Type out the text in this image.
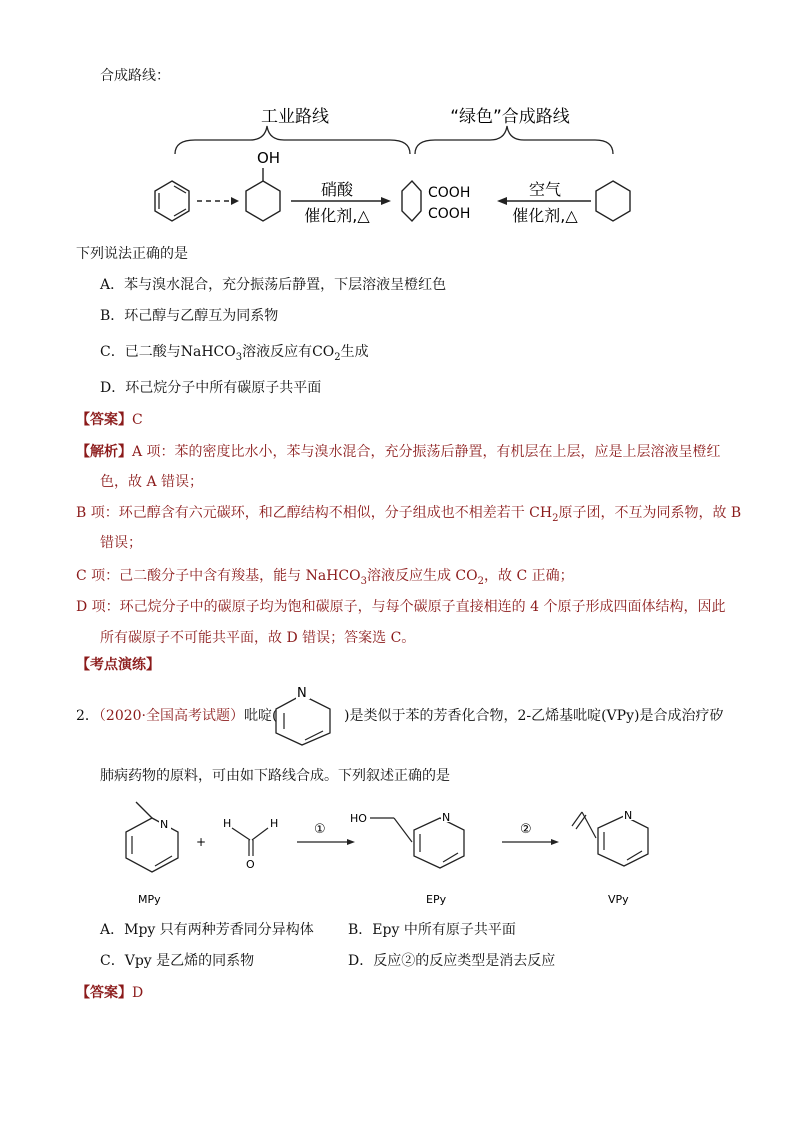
合成路线：
工业路线	“绿色”合成路线
OH
硝酸
催化剂,△
COOH
COOH
空气
催化剂,△
下列说法正确的是
A．苯与溴水混合，充分振荡后静置，下层溶液呈橙红色
B．环己醇与乙醇互为同系物
C．已二酸与NaHCO$_3$溶液反应有$CO_2$生成
D．环己烷分子中所有碳原子共平面
【答案】C
【解析】A 项：苯的密度比水小，苯与溴水混合，充分振荡后静置，有机层在上层，应是上层溶液呈橙红
色，故 A 错误；
B 项：环己醇含有六元碳环，和乙醇结构不相似，分子组成也不相差若干 $CH_2$原子团，不互为同系物，故 B
错误；
C 项：己二酸分子中含有羧基，能与 NaHCO$_3$溶液反应生成 $CO_2$，故 C 正确；
D 项：环己烷分子中的碳原子均为饱和碳原子，与每个碳原子直接相连的 4 个原子形成四面体结构，因此
所有碳原子不可能共平面，故 D 错误；答案选 C。
【考点演练】
2．（2020·全国高考试题）吡啶(
N
)是类似于苯的芳香化合物，2-乙烯基吡啶(VPy)是合成治疗矽
肺病药物的原料，可由如下路线合成。下列叙述正确的是
N
+
H	H
O
①
HO	N
②
N
MPy	EPy	VPy
A．Mpy 只有两种芳香同分异构体 B．Epy 中所有原子共平面
C．Vpy 是乙烯的同系物	D．反应②的反应类型是消去反应
【答案】D
